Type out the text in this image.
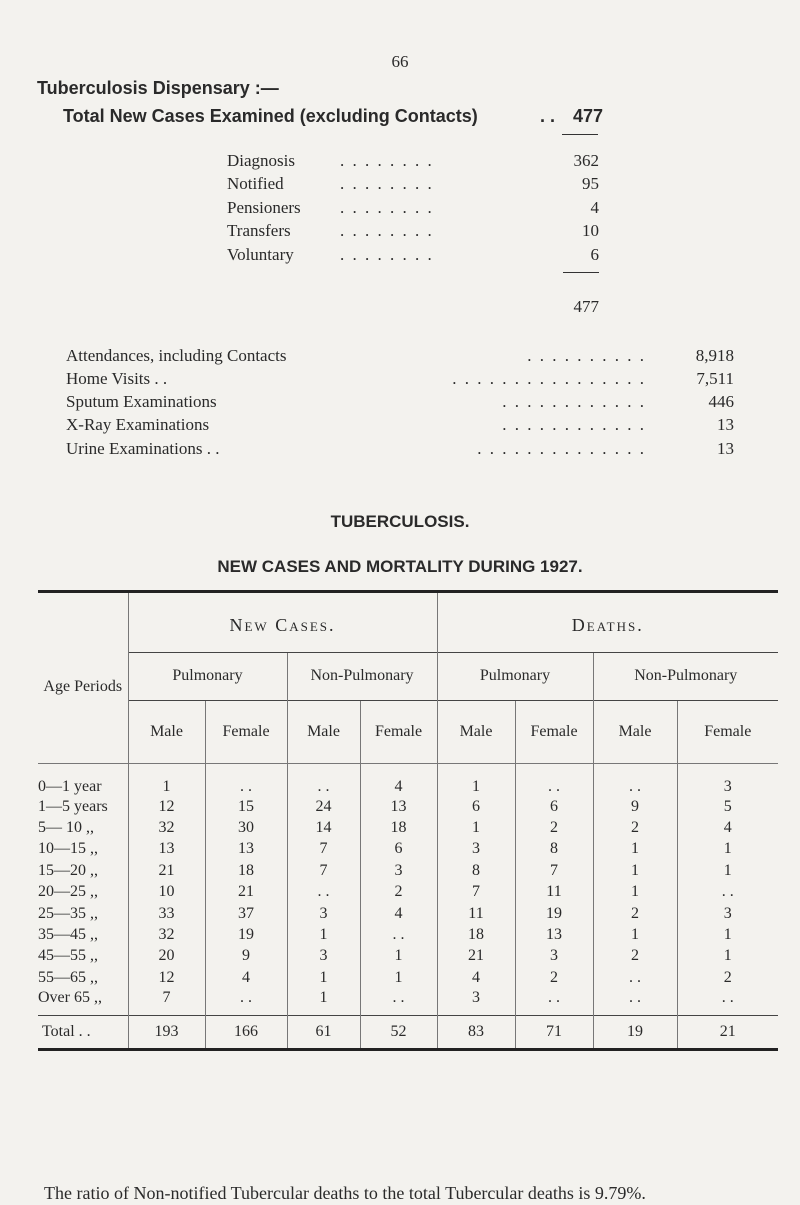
66
Tuberculosis Dispensary :—
Total New Cases Examined (excluding Contacts)	. . 477
Diagnosis	. . . . . . . .	362
Notified	. . . . . . . .	95
Pensioners . . . . . . . .	4
Transfers	. . . . . . . .	10
Voluntary	. . . . . . . .	6
477
Attendances, including Contacts	. . . . . . . . . .	8,918
Home Visits . .	. . . . . . . . . . . . . . . .	7,511
Sputum Examinations	. . . . . . . . . . . .	446
X-Ray Examinations	. . . . . . . . . . . .	13
Urine Examinations . .	. . . . . . . . . . . . . .	13
TUBERCULOSIS.
NEW CASES AND MORTALITY DURING 1927.
Age Periods	New Cases.				Deaths.			
	Pulmonary		Non-Pulmonary		Pulmonary		Non-Pulmonary	
	Male	Female	Male	Female	Male	Female	Male	Female
0—1 year	1	. .	. .	4	1	. .	. .	3
1—5 years	12	15	24	13	6	6	9	5
5— 10 ,,	32	30	14	18	1	2	2	4
10—15 ,,	13	13	7	6	3	8	1	1
15—20 ,,	21	18	7	3	8	7	1	1
20—25 ,,	10	21	. .	2	7	11	1	. .
25—35 ,,	33	37	3	4	11	19	2	3
35—45 ,,	32	19	1	. .	18	13	1	1
45—55 ,,	20	9	3	1	21	3	2	1
55—65 ,,	12	4	1	1	4	2	. .	2
Over 65 ,,	7	. .	1	. .	3	. .	. .	. .
Total . .	193	166	61	52	83	71	19	21
The ratio of Non-notified Tubercular deaths to the total Tubercular deaths is 9.79%.
